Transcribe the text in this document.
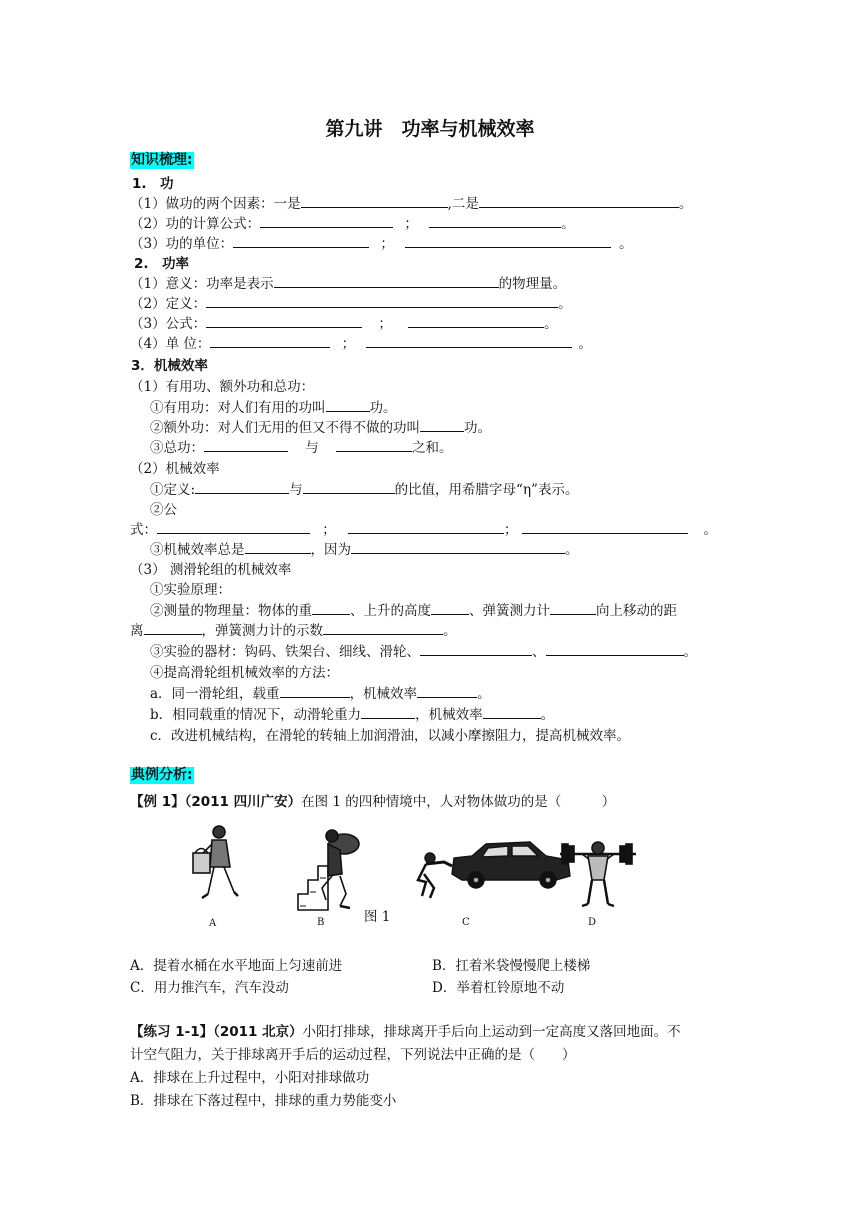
第九讲　功率与机械效率
知识梳理:
1.　功
（1）做功的两个因素：一是	,二是	。
（2）功的计算公式：	；	。
（3）功的单位：	；	。
2.　功率
（1）意义：功率是表示	的物理量。
（2）定义：	。
（3）公式：	；	。
（4）单 位：	；	。
3．机械效率
（1）有用功、额外功和总功：
①有用功：对人们有用的功叫	功。
②额外功：对人们无用的但又不得不做的功叫	功。
③总功：	与	之和。
（2）机械效率
①定义:	与	的比值，用希腊字母“η”表示。
②公
式：	；	；	。
③机械效率总是	，因为	。
（3） 测滑轮组的机械效率
①实验原理：
②测量的物理量：物体的重	、上升的高度	、弹簧测力计	向上移动的距
离	，弹簧测力计的示数	。
③实验的器材：钩码、铁架台、细线、滑轮、	、	。
④提高滑轮组机械效率的方法：
a．同一滑轮组，载重	，机械效率	。
b．相同载重的情况下，动滑轮重力	，机械效率	。
c．改进机械结构，在滑轮的转轴上加润滑油，以减小摩擦阻力，提高机械效率。
典例分析:
【例 1】（2011 四川广安）在图 1 的四种情境中，人对物体做功的是（　　　）
A	B	C	D
图 1
A．提着水桶在水平地面上匀速前进	B．扛着米袋慢慢爬上楼梯
C．用力推汽车，汽车没动	D．举着杠铃原地不动
【练习 1-1】（2011 北京）小阳打排球，排球离开手后向上运动到一定高度又落回地面。不
计空气阻力，关于排球离开手后的运动过程，下列说法中正确的是（　　）
A．排球在上升过程中，小阳对排球做功
B．排球在下落过程中，排球的重力势能变小
